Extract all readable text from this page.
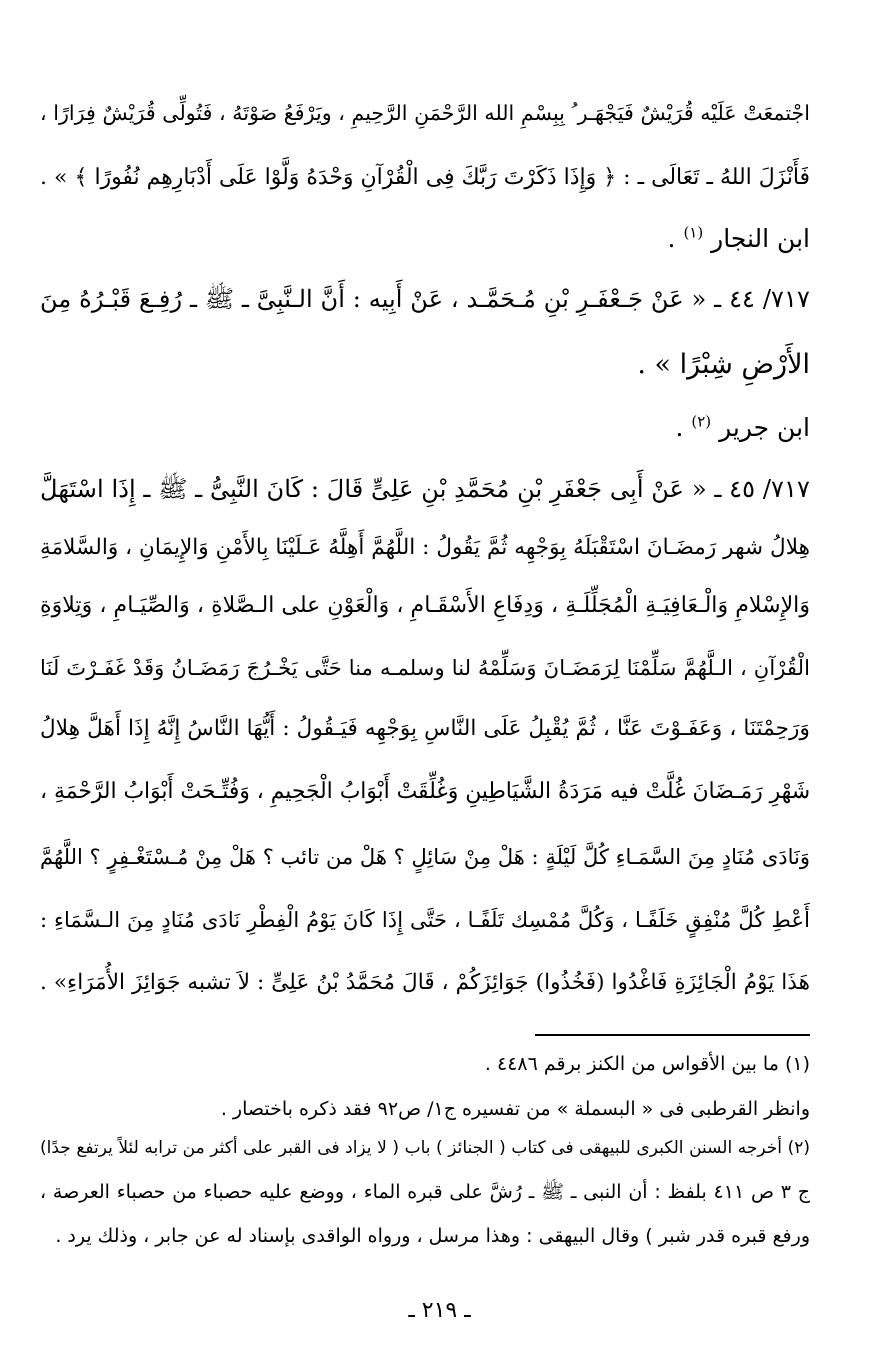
اجْتمعَتْ عَلَيْه قُرَيْشٌ فَيَجْهَـر ُ بِبِسْمِ الله الرَّحْمَنِ الرَّحِيمِ ، ويَرْفَعُ صَوْتَهُ ، فَتُولِّى قُرَيْشٌ فِرَارًا ،
فَأَنْزَلَ اللهُ ـ تَعَالَى ـ : ﴿ وَإِذَا ذَكَرْتَ رَبَّكَ فِى الْقُرْآنِ وَحْدَهُ وَلَّوْا عَلَى أَدْبَارِهِم نُفُورًا ﴾ » .
ابن النجار $^{(١)}$ .
٧١٧/ ٤٤ ـ « عَنْ جَـعْفَـرِ بْنِ مُـحَمَّـد ، عَنْ أَبِيه : أَنَّ الـنَّبِىَّ ـ ﷺ ـ رُفِـعَ قَبْـرُهُ مِنَ
الأَرْضِ شِبْرًا » .
ابن جرير $^{(٢)}$ .
٧١٧/ ٤٥ ـ « عَنْ أَبِى جَعْفَرِ بْنِ مُحَمَّدِ بْنِ عَلِىٍّ قَالَ : كَانَ النَّبِىُّ ـ ﷺ ـ إِذَا اسْتَهَلَّ
هِلالُ شهر رَمضَـانَ اسْتَقْبَلَهُ بِوَجْهِه ثُمَّ يَقُولُ : اللَّهُمَّ أَهِلَّهُ عَـلَيْنَا بِالأَمْنِ وَالإِيمَانِ ، وَالسَّلامَةِ
وَالإِسْلامِ وَالْـعَافِيَـةِ الْمُجَلِّلَـةِ ، وَدِفَاعِ الأَسْقَـامِ ، وَالْعَوْنِ على الـصَّلاةِ ، وَالصِّيَـامِ ، وَتِلاوَةِ
الْقُرْآنِ ، الـلَّهُمَّ سَلِّمْنَا لِرَمَضَـانَ وَسَلِّمْهُ لنا وسلمـه منا حَتَّى يَخْـرُجَ رَمَضَـانُ وَقَدْ غَفَـرْتَ لَنَا
وَرَحِمْتَنَا ، وَعَفَـوْتَ عَنَّا ، ثُمَّ يُقْبِلُ عَلَى النَّاسِ بِوَجْهِه فَيَـقُولُ : أَيُّهَا النَّاسُ إِنَّهُ إِذَا أَهَلَّ هِلالُ
شَهْرِ رَمَـضَانَ غُلَّتْ فيه مَرَدَةُ الشَّيَاطِينِ وَغُلِّقَتْ أَبْوَابُ الْجَحِيمِ ، وَفُتِّـحَتْ أَبْوَابُ الرَّحْمَةِ ،
وَنَادَى مُنَادٍ مِنَ السَّمَـاءِ كُلَّ لَيْلَةٍ : هَلْ مِنْ سَائِلٍ ؟ هَلْ من تائب ؟ هَلْ مِنْ مُـسْتَغْـفِرٍ ؟ اللَّهُمَّ
أَعْطِ كُلَّ مُنْفِقٍ خَلَفًـا ، وَكُلَّ مُمْسِك تَلَفًـا ، حَتَّى إِذَا كَانَ يَوْمُ الْفِطْرِ نَادَى مُنَادٍ مِنَ الـسَّمَاءِ :
هَذَا يَوْمُ الْجَائِزَةِ فَاغْدُوا (فَخُذُوا) جَوَائِزَكُمْ ، قَالَ مُحَمَّدُ بْنُ عَلِىٍّ : لاَ تشبه جَوَائِزَ الأُمَرَاءِ» .
(١) ما بين الأقواس من الكنز برقم ٤٤٨٦ .
وانظر القرطبى فى « البسملة » من تفسيره ج١/ ص٩٢ فقد ذكره باختصار .
(٢) أخرجه السنن الكبرى للبيهقى فى كتاب ( الجنائز ) باب ( لا يزاد فى القبر على أكثر من ترابه لئلاً يرتفع جدًا)
ج ٣ ص ٤١١ بلفظ : أن النبى ـ ﷺ ـ رُشَّ على قبره الماء ، ووضع عليه حصباء من حصباء العرصة ،
ورفع قبره قدر شبر ) وقال البيهقى : وهذا مرسل ، ورواه الواقدى بإسناد له عن جابر ، وذلك يرد .
ـ ٢١٩ ـ
